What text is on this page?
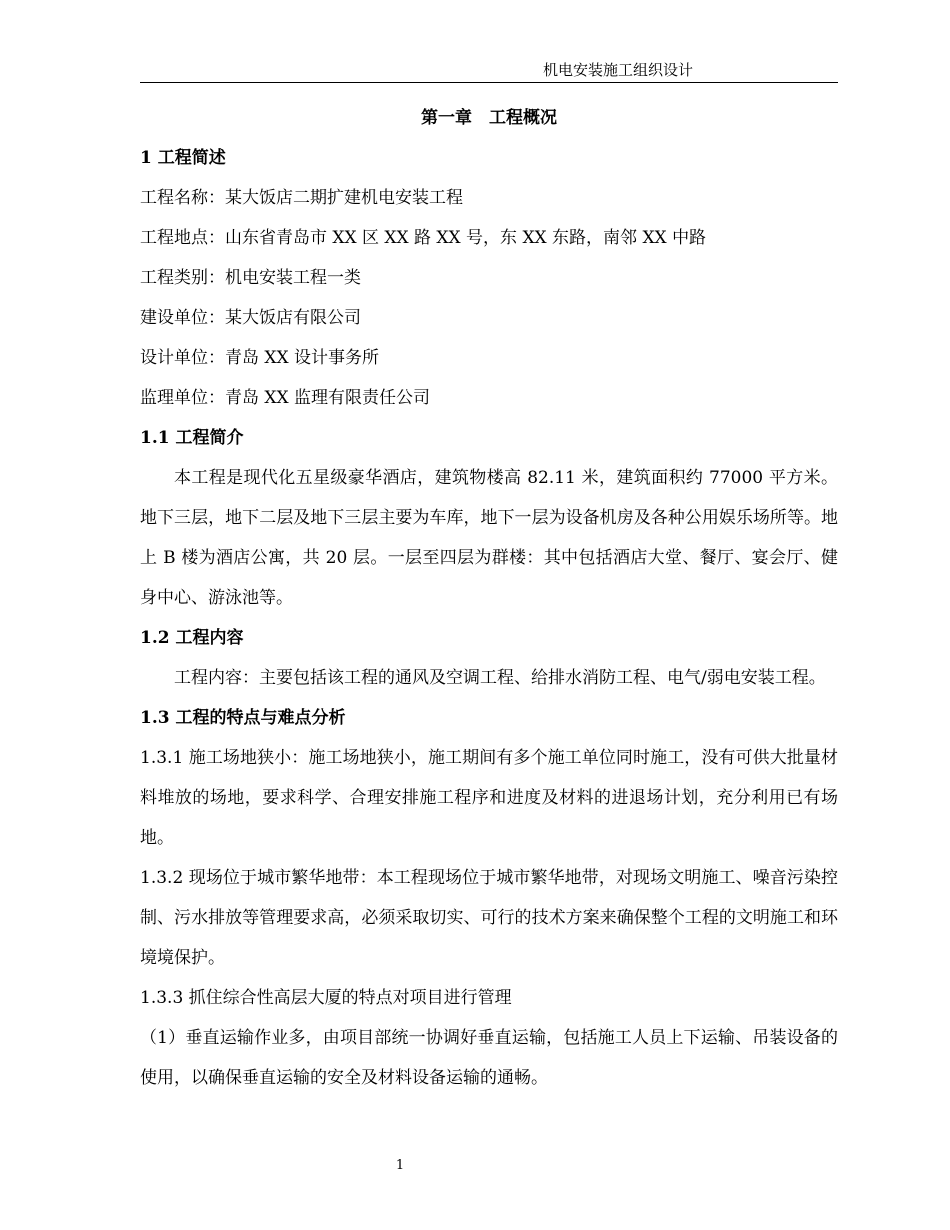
机电安装施工组织设计
第一章　工程概况
1 工程简述
工程名称：某大饭店二期扩建机电安装工程
工程地点：山东省青岛市 XX 区 XX 路 XX 号，东 XX 东路，南邻 XX 中路
工程类别：机电安装工程一类
建设单位：某大饭店有限公司
设计单位：青岛 XX 设计事务所
监理单位：青岛 XX 监理有限责任公司
1.1 工程简介

本工程是现代化五星级豪华酒店，建筑物楼高 82.11 米，建筑面积约 77000 平方米。地下三层，地下二层及地下三层主要为车库，地下一层为设备机房及各种公用娱乐场所等。地上 B 楼为酒店公寓，共 20 层。一层至四层为群楼：其中包括酒店大堂、餐厅、宴会厅、健身中心、游泳池等。

1.2 工程内容

工程内容：主要包括该工程的通风及空调工程、给排水消防工程、电气/弱电安装工程。

1.3 工程的特点与难点分析

1.3.1 施工场地狭小：施工场地狭小，施工期间有多个施工单位同时施工，没有可供大批量材料堆放的场地，要求科学、合理安排施工程序和进度及材料的进退场计划，充分利用已有场地。

1.3.2 现场位于城市繁华地带：本工程现场位于城市繁华地带，对现场文明施工、噪音污染控制、污水排放等管理要求高，必须采取切实、可行的技术方案来确保整个工程的文明施工和环境境保护。

1.3.3 抓住综合性高层大厦的特点对项目进行管理

（1）垂直运输作业多，由项目部统一协调好垂直运输，包括施工人员上下运输、吊装设备的使用，以确保垂直运输的安全及材料设备运输的通畅。

1
